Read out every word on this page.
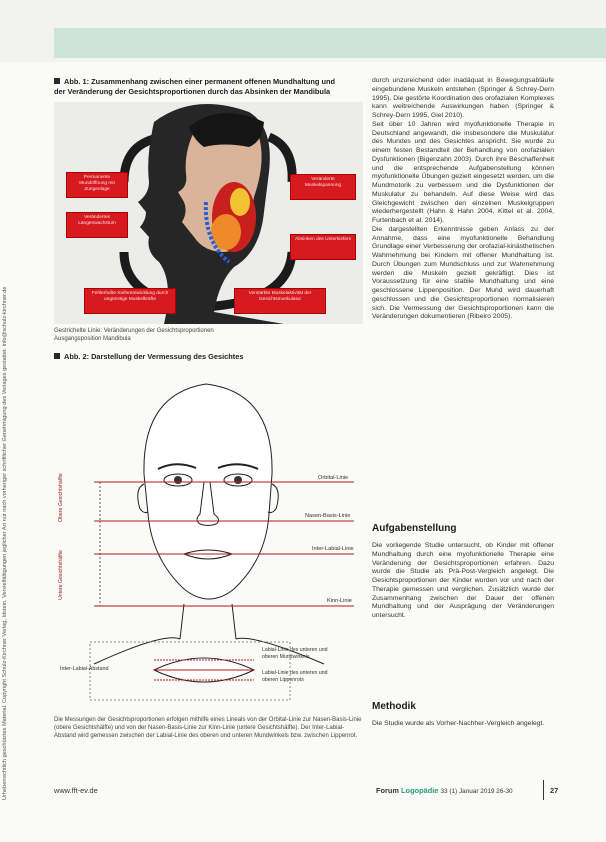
Urheberrechtlich geschütztes Material. Copyright Schulz-Kirchner Verlag, Idstein. Vervielfältigungen jeglicher Art nur nach vorheriger schriftlicher Genehmigung des Verlages gestattet. info@schulz-kirchner.de
Abb. 1: Zusammenhang zwischen einer permanent offenen Mundhaltung und
der Veränderung der Gesichtsproportionen durch das Absinken der Mandibula
Permanente Mundöffnung mit Zungenlage
Verändertes Längenwachstum
Fehlerhafte Kieferentwicklung durch ungünstige Muskelkräfte
Verstärkte Muskelaktivität der Gesichtsmuskulatur
Veränderte Muskelspannung
Absinken des Unterkiefers
Gestrichelte Linie: Veränderungen der Gesichtsproportionen
Ausgangsposition Mandibula
Abb. 2: Darstellung der Vermessung des Gesichtes
Orbital-Linie
Nasen-Basis-Linie
Inter-Labial-Linie
Kinn-Linie
Obere Gesichtshälfte
Untere Gesichtshälfte
Inter-Labial-Abstand
Labial-Linie des unteren und oberen Mundwinkels
Labial-Linie des unteren und oberen Lippenrots
Die Messungen der Gesichtsproportionen erfolgen mithilfe eines Lineals von der Orbital-Linie zur Nasen-Basis-Linie (obere Gesichtshälfte) und von der Nasen-Basis-Linie zur Kinn-Linie (untere Gesichtshälfte). Der Inter-Labial-Abstand wird gemessen zwischen der Labial-Linie des oberen und unteren Mundwinkels bzw. zwischen Lippenrot.

durch unzureichend oder inadäquat in Bewegungsabläufe eingebundene Muskeln entstehen (Springer & Schrey-Dern 1995). Die gestörte Koordination des orofazialen Komplexes kann weitreichende Auswirkungen haben (Springer & Schrey-Dern 1995, Giel 2010).

Seit über 10 Jahren wird myofunktionelle Therapie in Deutschland angewandt, die insbesondere die Muskulatur des Mundes und des Gesichtes anspricht. Sie wurde zu einem festen Bestandteil der Behandlung von orofazialen Dysfunktionen (Bigenzahn 2003). Durch ihre Beschaffenheit und die entsprechende Aufgabenstellung können myofunktionelle Übungen gezielt eingesetzt werden, um die Mundmotorik zu verbessern und die Dysfunktionen der Muskulatur zu behandeln. Auf diese Weise wird das Gleichgewicht zwischen den einzelnen Muskelgruppen wiederhergestellt (Hahn & Hahn 2004, Kittel et al. 2004, Furtenbach et al. 2014).

Die dargestellten Erkenntnisse geben Anlass zu der Annahme, dass eine myofunktionelle Behandlung Grundlage einer Verbesserung der orofazial-kinästhetischen Wahrnehmung bei Kindern mit offener Mundhaltung ist. Durch Übungen zum Mundschluss und zur Wahrnehmung werden die Muskeln gezielt gekräftigt. Dies ist Voraussetzung für eine stabile Mundhaltung und eine geschlossene Lippenposition. Der Mund wird dauerhaft geschlossen und die Gesichtsproportionen normalisieren sich. Die Vermessung der Gesichtsproportionen kann die Veränderungen dokumentieren (Ribeiro 2005).

Aufgabenstellung
Die vorliegende Studie untersucht, ob Kinder mit offener Mundhaltung durch eine myofunktionelle Therapie eine Veränderung der Gesichtsproportionen erfahren. Dazu wurde die Studie als Prä-Post-Vergleich angelegt. Die Gesichtsproportionen der Kinder wurden vor und nach der Therapie gemessen und verglichen. Zusätzlich wurde der Zusammenhang zwischen der Dauer der offenen Mundhaltung und der Ausprägung der Veränderungen untersucht.
Methodik
Die Studie wurde als Vorher-Nachher-Vergleich angelegt.
www.fft-ev.de	Forum Logopädie 33 (1) Januar 2019 26-30	27
